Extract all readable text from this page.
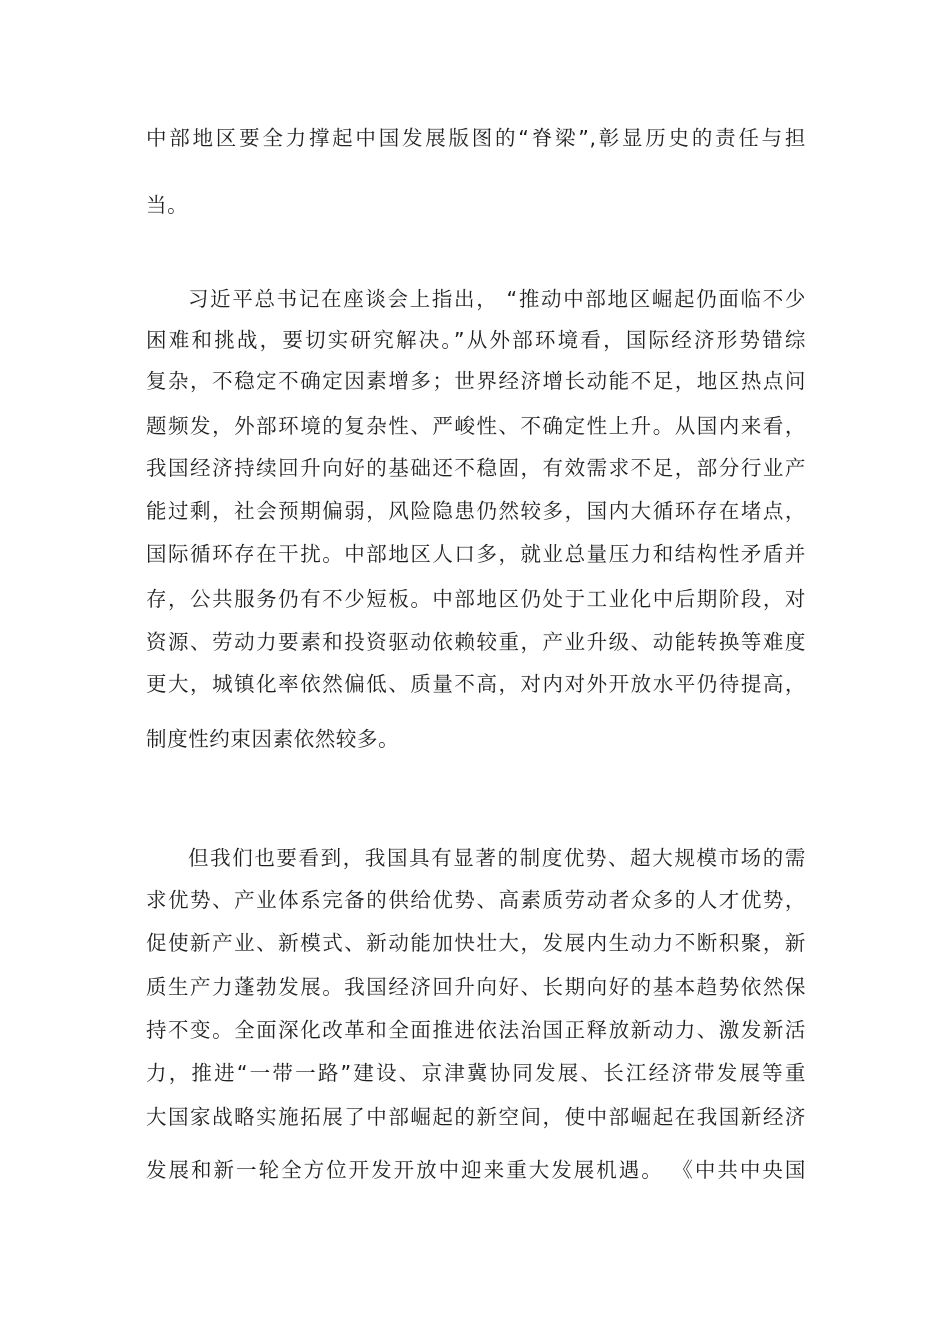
中部地区要全力撑起中国发展版图的“脊梁”,彰显历史的责任与担
当。
习近平总书记在座谈会上指出， “推动中部地区崛起仍面临不少
困难和挑战，要切实研究解决。”从外部环境看，国际经济形势错综
复杂，不稳定不确定因素增多；世界经济增长动能不足，地区热点问
题频发，外部环境的复杂性、严峻性、不确定性上升。从国内来看，
我国经济持续回升向好的基础还不稳固，有效需求不足，部分行业产
能过剩，社会预期偏弱，风险隐患仍然较多，国内大循环存在堵点，
国际循环存在干扰。中部地区人口多，就业总量压力和结构性矛盾并
存，公共服务仍有不少短板。中部地区仍处于工业化中后期阶段，对
资源、劳动力要素和投资驱动依赖较重，产业升级、动能转换等难度
更大，城镇化率依然偏低、质量不高，对内对外开放水平仍待提高，
制度性约束因素依然较多。
但我们也要看到，我国具有显著的制度优势、超大规模市场的需
求优势、产业体系完备的供给优势、高素质劳动者众多的人才优势，
促使新产业、新模式、新动能加快壮大，发展内生动力不断积聚，新
质生产力蓬勃发展。我国经济回升向好、长期向好的基本趋势依然保
持不变。全面深化改革和全面推进依法治国正释放新动力、激发新活
力，推进“一带一路”建设、京津冀协同发展、长江经济带发展等重
大国家战略实施拓展了中部崛起的新空间，使中部崛起在我国新经济
发展和新一轮全方位开发开放中迎来重大发展机遇。 《中共中央国
